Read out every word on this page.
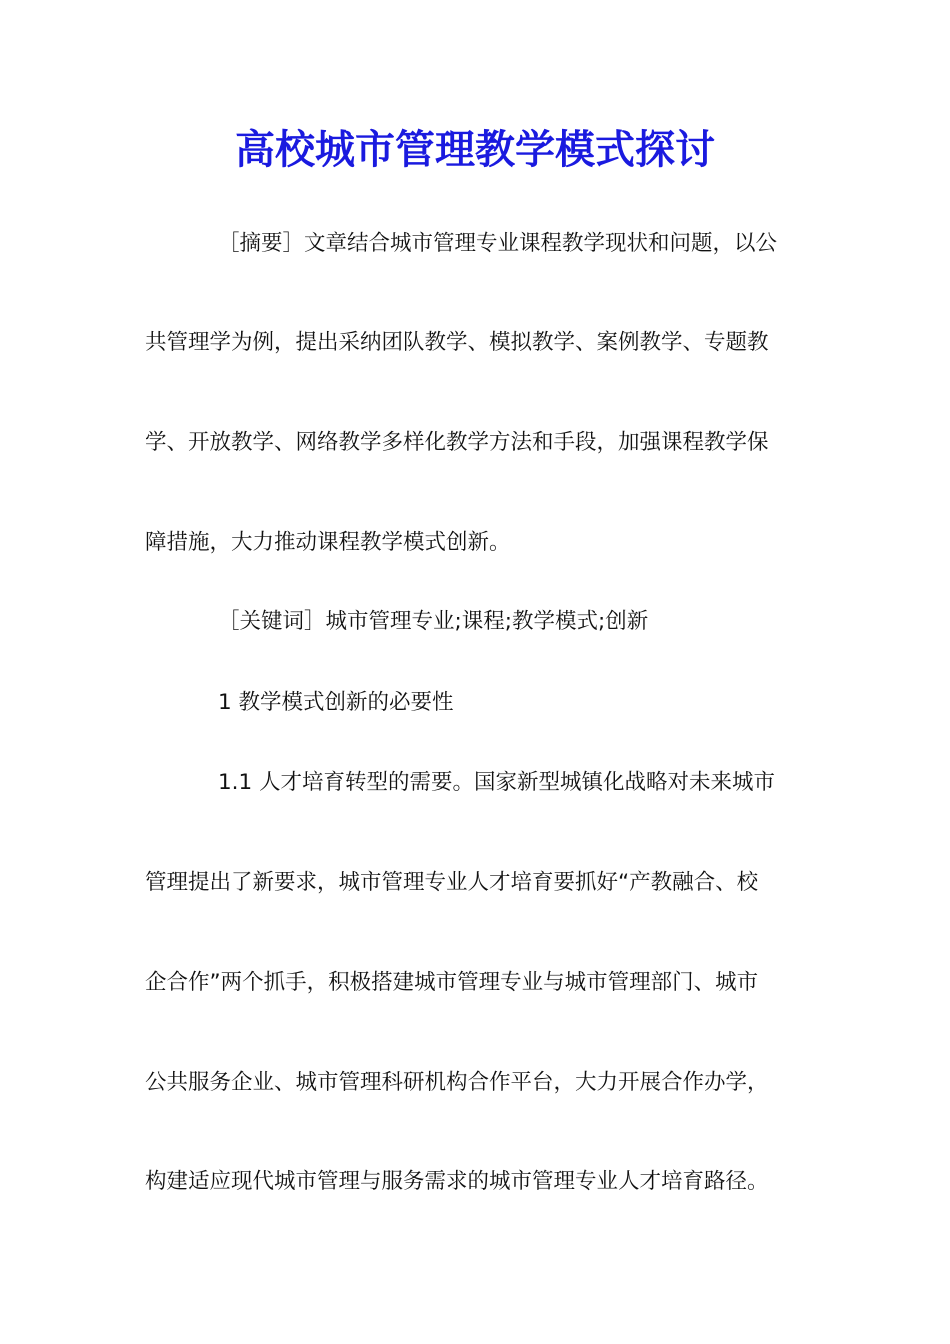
高校城市管理教学模式探讨
［摘要］文章结合城市管理专业课程教学现状和问题，以公
共管理学为例，提出采纳团队教学、模拟教学、案例教学、专题教
学、开放教学、网络教学多样化教学方法和手段，加强课程教学保
障措施，大力推动课程教学模式创新。
［关键词］城市管理专业;课程;教学模式;创新
1 教学模式创新的必要性
1.1 人才培育转型的需要。国家新型城镇化战略对未来城市
管理提出了新要求，城市管理专业人才培育要抓好“产教融合、校
企合作”两个抓手，积极搭建城市管理专业与城市管理部门、城市
公共服务企业、城市管理科研机构合作平台，大力开展合作办学，
构建适应现代城市管理与服务需求的城市管理专业人才培育路径。
